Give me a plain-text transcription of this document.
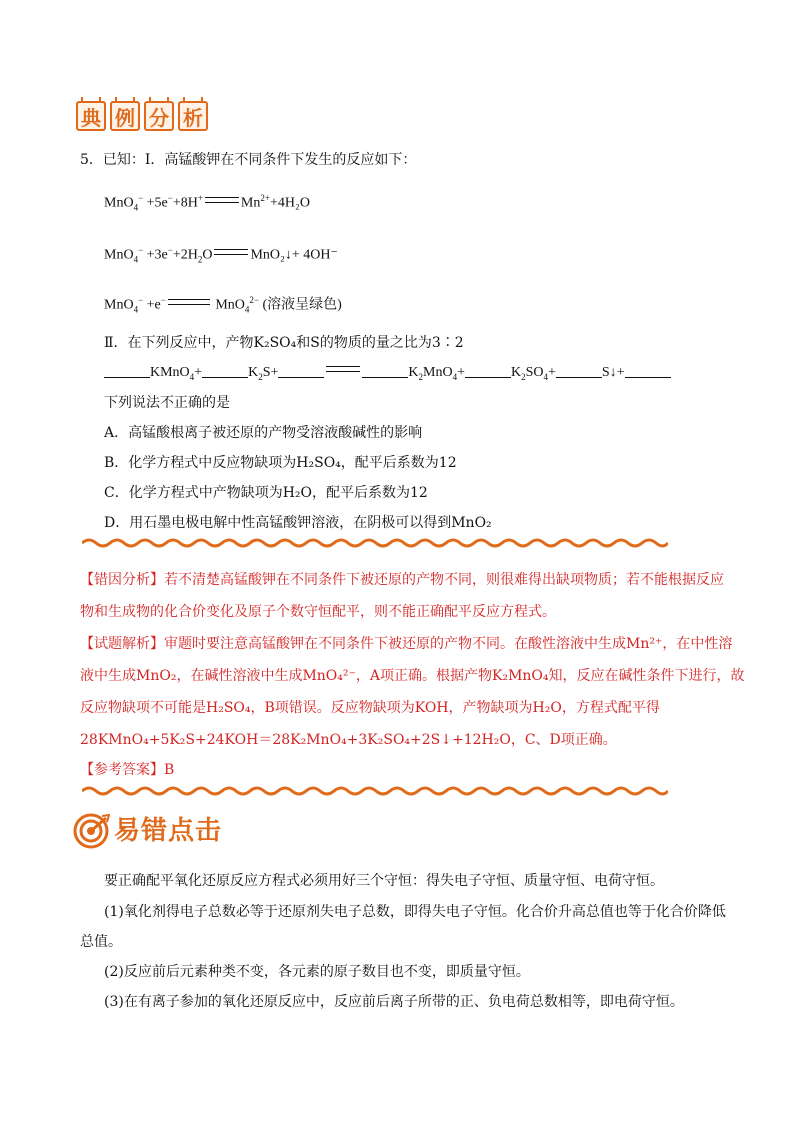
典 例 分 析
5．已知：Ⅰ．高锰酸钾在不同条件下发生的反应如下：
MnO$_4$− +5e−+8H+	$Mn^{2+}+4H_2O$
$MnO_4^- +3e^-+2H_2O$	MnO₂↓+ 4OH⁻
MnO$_4$− +e−	MnO$_4^{2-}$ (溶液呈绿色)
Ⅱ．在下列反应中，产物K₂SO₄和S的物质的量之比为3∶2
KMnO$_4$+	$K_2S+$	$K_2MnO_4+$	$K_2SO_4+$	S↓+
下列说法不正确的是
A．高锰酸根离子被还原的产物受溶液酸碱性的影响
B．化学方程式中反应物缺项为H₂SO₄，配平后系数为12
C．化学方程式中产物缺项为H₂O，配平后系数为12
D．用石墨电极电解中性高锰酸钾溶液，在阴极可以得到MnO₂
【错因分析】若不清楚高锰酸钾在不同条件下被还原的产物不同，则很难得出缺项物质；若不能根据反应
物和生成物的化合价变化及原子个数守恒配平，则不能正确配平反应方程式。
【试题解析】审题时要注意高锰酸钾在不同条件下被还原的产物不同。在酸性溶液中生成Mn²⁺，在中性溶
液中生成MnO₂，在碱性溶液中生成MnO₄²⁻，A项正确。根据产物K₂MnO₄知，反应在碱性条件下进行，故
反应物缺项不可能是H₂SO₄，B项错误。反应物缺项为KOH，产物缺项为H₂O，方程式配平得
28KMnO₄+5K₂S+24KOH＝28K₂MnO₄+3K₂SO₄+2S↓+12H₂O，C、D项正确。
【参考答案】B
易错点击
要正确配平氧化还原反应方程式必须用好三个守恒：得失电子守恒、质量守恒、电荷守恒。
(1)氧化剂得电子总数必等于还原剂失电子总数，即得失电子守恒。化合价升高总值也等于化合价降低
总值。
(2)反应前后元素种类不变，各元素的原子数目也不变，即质量守恒。
(3)在有离子参加的氧化还原反应中，反应前后离子所带的正、负电荷总数相等，即电荷守恒。
